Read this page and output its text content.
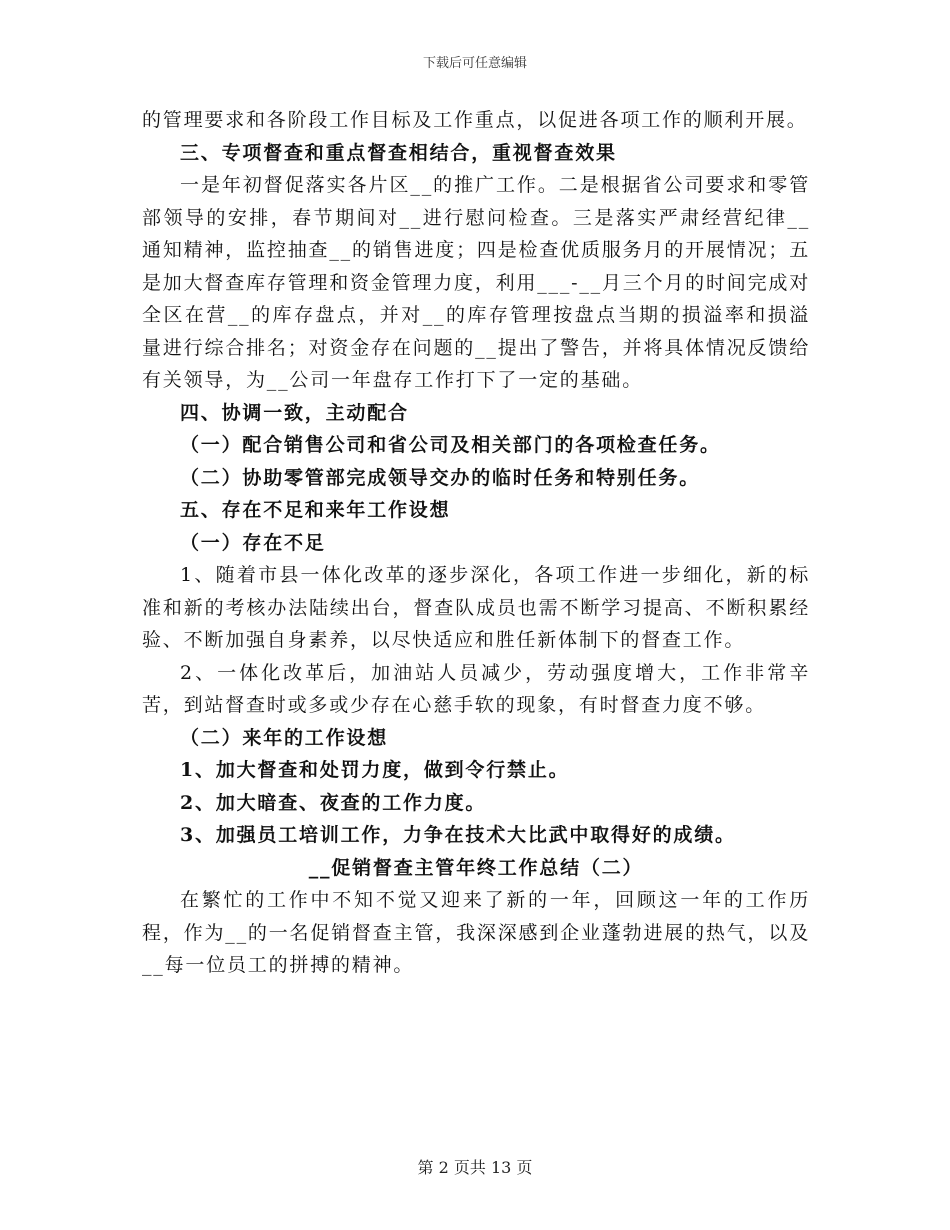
下载后可任意编辑

的管理要求和各阶段工作目标及工作重点，以促进各项工作的顺利开展。

三、专项督查和重点督查相结合，重视督查效果

一是年初督促落实各片区__的推广工作。二是根据省公司要求和零管部领导的安排，春节期间对__进行慰问检查。三是落实严肃经营纪律__通知精神，监控抽查__的销售进度；四是检查优质服务月的开展情况；五是加大督查库存管理和资金管理力度，利用___-__月三个月的时间完成对全区在营__的库存盘点，并对__的库存管理按盘点当期的损溢率和损溢量进行综合排名；对资金存在问题的__提出了警告，并将具体情况反馈给有关领导，为__公司一年盘存工作打下了一定的基础。

四、协调一致，主动配合

（一）配合销售公司和省公司及相关部门的各项检查任务。

（二）协助零管部完成领导交办的临时任务和特别任务。

五、存在不足和来年工作设想

（一）存在不足

1、随着市县一体化改革的逐步深化，各项工作进一步细化，新的标准和新的考核办法陆续出台，督查队成员也需不断学习提高、不断积累经验、不断加强自身素养，以尽快适应和胜任新体制下的督查工作。

2、一体化改革后，加油站人员减少，劳动强度增大，工作非常辛苦，到站督查时或多或少存在心慈手软的现象，有时督查力度不够。

（二）来年的工作设想

1、加大督查和处罚力度，做到令行禁止。

2、加大暗查、夜查的工作力度。

3、加强员工培训工作，力争在技术大比武中取得好的成绩。

__促销督查主管年终工作总结（二）

在繁忙的工作中不知不觉又迎来了新的一年，回顾这一年的工作历程，作为__的一名促销督查主管，我深深感到企业蓬勃进展的热气，以及__每一位员工的拼搏的精神。

第 2 页共 13 页
